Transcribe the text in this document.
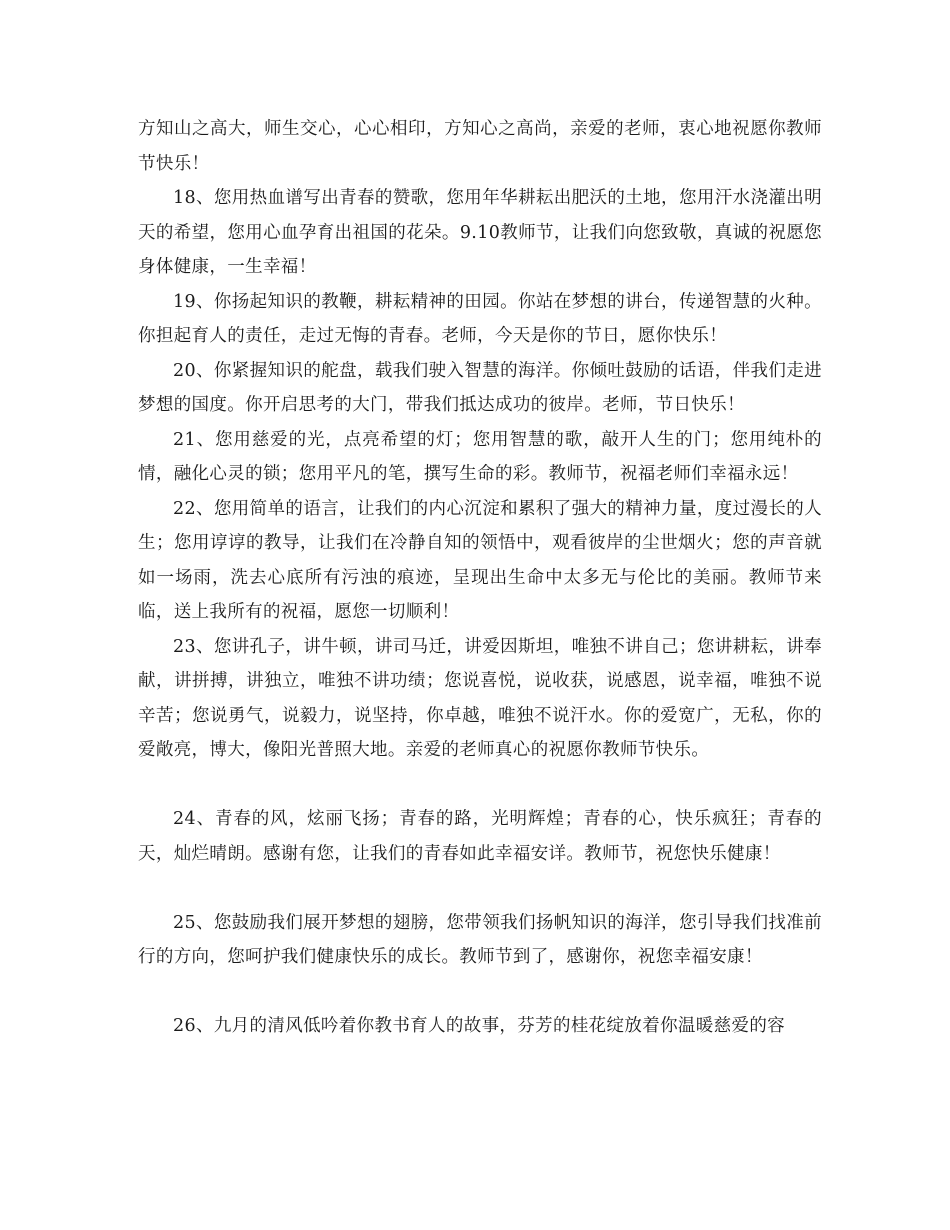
方知山之高大，师生交心，心心相印，方知心之高尚，亲爱的老师，衷心地祝愿你教师节快乐！

18、您用热血谱写出青春的赞歌，您用年华耕耘出肥沃的土地，您用汗水浇灌出明天的希望，您用心血孕育出祖国的花朵。9.10教师节，让我们向您致敬，真诚的祝愿您身体健康，一生幸福！

19、你扬起知识的教鞭，耕耘精神的田园。你站在梦想的讲台，传递智慧的火种。你担起育人的责任，走过无悔的青春。老师，今天是你的节日，愿你快乐！

20、你紧握知识的舵盘，载我们驶入智慧的海洋。你倾吐鼓励的话语，伴我们走进梦想的国度。你开启思考的大门，带我们抵达成功的彼岸。老师，节日快乐！

21、您用慈爱的光，点亮希望的灯；您用智慧的歌，敲开人生的门；您用纯朴的情，融化心灵的锁；您用平凡的笔，撰写生命的彩。教师节，祝福老师们幸福永远！

22、您用简单的语言，让我们的内心沉淀和累积了强大的精神力量，度过漫长的人生；您用谆谆的教导，让我们在冷静自知的领悟中，观看彼岸的尘世烟火；您的声音就如一场雨，洗去心底所有污浊的痕迹，呈现出生命中太多无与伦比的美丽。教师节来临，送上我所有的祝福，愿您一切顺利！

23、您讲孔子，讲牛顿，讲司马迁，讲爱因斯坦，唯独不讲自己；您讲耕耘，讲奉献，讲拼搏，讲独立，唯独不讲功绩；您说喜悦，说收获，说感恩，说幸福，唯独不说辛苦；您说勇气，说毅力，说坚持，你卓越，唯独不说汗水。你的爱宽广，无私，你的爱敞亮，博大，像阳光普照大地。亲爱的老师真心的祝愿你教师节快乐。

24、青春的风，炫丽飞扬；青春的路，光明辉煌；青春的心，快乐疯狂；青春的天，灿烂晴朗。感谢有您，让我们的青春如此幸福安详。教师节，祝您快乐健康！

25、您鼓励我们展开梦想的翅膀，您带领我们扬帆知识的海洋，您引导我们找准前行的方向，您呵护我们健康快乐的成长。教师节到了，感谢你，祝您幸福安康！

26、九月的清风低吟着你教书育人的故事，芬芳的桂花绽放着你温暖慈爱的容
